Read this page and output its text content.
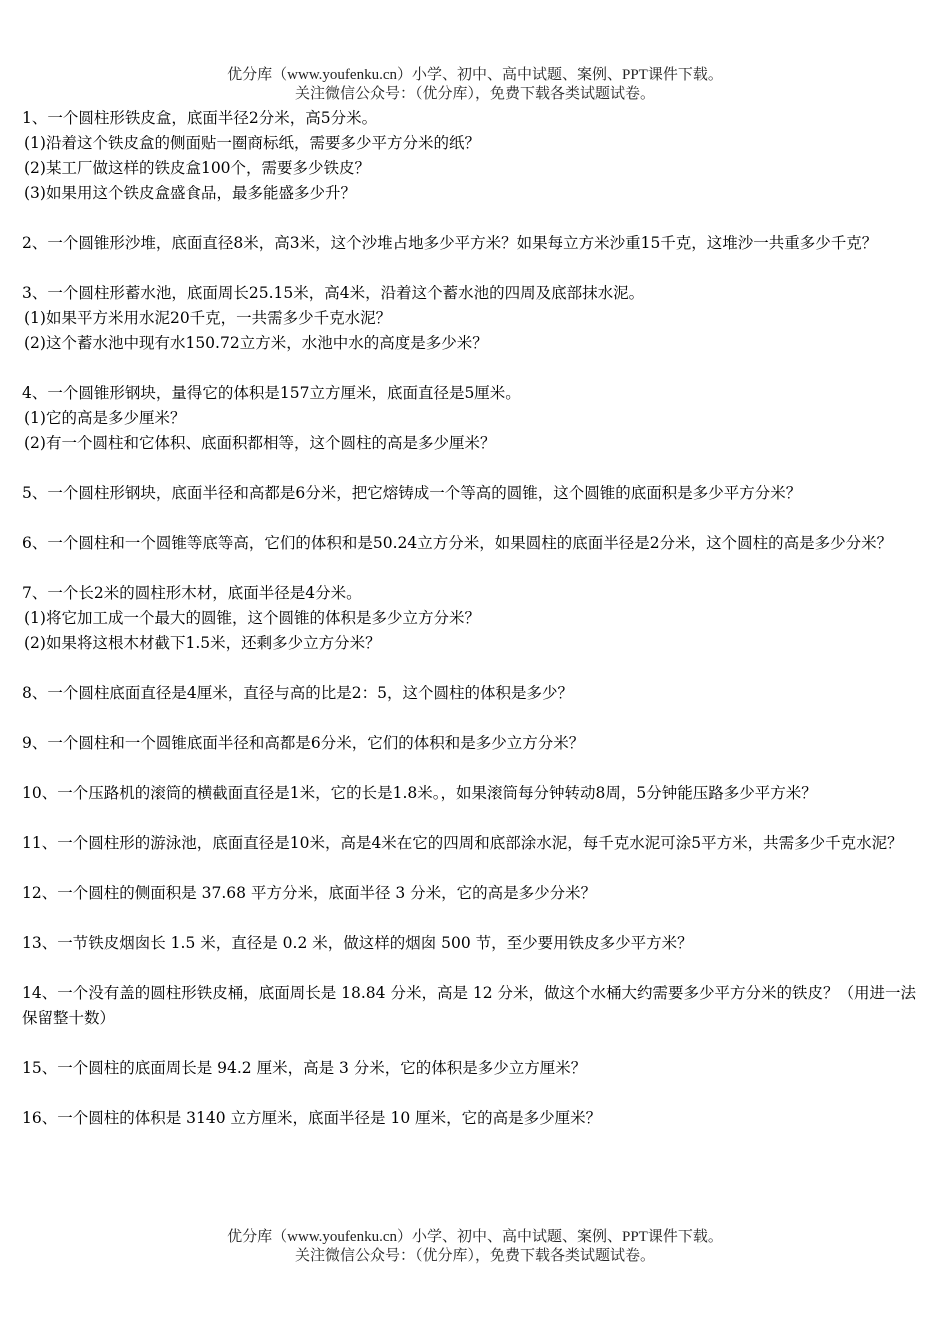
优分库（www.youfenku.cn）小学、初中、高中试题、案例、PPT课件下载。
关注微信公众号：（优分库），免费下载各类试题试卷。

1、一个圆柱形铁皮盒，底面半径2分米，高5分米。

(1)沿着这个铁皮盒的侧面贴一圈商标纸，需要多少平方分米的纸？

(2)某工厂做这样的铁皮盒100个，需要多少铁皮？

(3)如果用这个铁皮盒盛食品，最多能盛多少升？

2、一个圆锥形沙堆，底面直径8米，高3米，这个沙堆占地多少平方米？如果每立方米沙重15千克，这堆沙一共重多少千克？

3、一个圆柱形蓄水池，底面周长25.15米，高4米，沿着这个蓄水池的四周及底部抹水泥。

(1)如果平方米用水泥20千克，一共需多少千克水泥？

(2)这个蓄水池中现有水150.72立方米，水池中水的高度是多少米？

4、一个圆锥形钢块，量得它的体积是157立方厘米，底面直径是5厘米。

(1)它的高是多少厘米？

(2)有一个圆柱和它体积、底面积都相等，这个圆柱的高是多少厘米？

5、一个圆柱形钢块，底面半径和高都是6分米，把它熔铸成一个等高的圆锥，这个圆锥的底面积是多少平方分米？

6、一个圆柱和一个圆锥等底等高，它们的体积和是50.24立方分米，如果圆柱的底面半径是2分米，这个圆柱的高是多少分米？

7、一个长2米的圆柱形木材，底面半径是4分米。

(1)将它加工成一个最大的圆锥，这个圆锥的体积是多少立方分米？

(2)如果将这根木材截下1.5米，还剩多少立方分米？

8、一个圆柱底面直径是4厘米，直径与高的比是2：5，这个圆柱的体积是多少？

9、一个圆柱和一个圆锥底面半径和高都是6分米，它们的体积和是多少立方分米？

10、一个压路机的滚筒的横截面直径是1米，它的长是1.8米。，如果滚筒每分钟转动8周，5分钟能压路多少平方米？

11、一个圆柱形的游泳池，底面直径是10米，高是4米在它的四周和底部涂水泥，每千克水泥可涂5平方米，共需多少千克水泥？

12、一个圆柱的侧面积是 37.68 平方分米，底面半径 3 分米，它的高是多少分米？

13、一节铁皮烟囱长 1.5 米，直径是 0.2 米，做这样的烟囱 500 节，至少要用铁皮多少平方米？

14、一个没有盖的圆柱形铁皮桶，底面周长是 18.84 分米，高是 12 分米，做这个水桶大约需要多少平方分米的铁皮？（用进一法保留整十数）

15、一个圆柱的底面周长是 94.2 厘米，高是 3 分米，它的体积是多少立方厘米？

16、一个圆柱的体积是 3140 立方厘米，底面半径是 10 厘米，它的高是多少厘米？

优分库（www.youfenku.cn）小学、初中、高中试题、案例、PPT课件下载。
关注微信公众号：（优分库），免费下载各类试题试卷。
